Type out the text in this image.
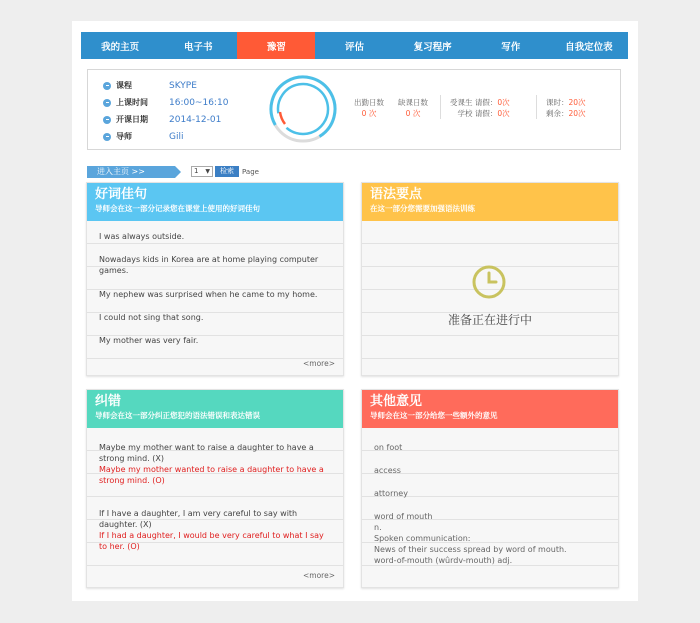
我的主页	电子书	豫習	评估	复习程序	写作	自我定位表
课程	SKYPE
上课时间	16:00~16:10
开课日期	2014-12-01
导师	Gili
出勤日数
0 次
缺课日数
0 次
受课生 请假：0次
学校 请假：0次
课时：20次
剩余：20次
进入主页 >>	1 ▼	检索	Page
好词佳句
导师会在这一部分记录您在课堂上使用的好词佳句
I was always outside.
Nowadays kids in Korea are at home playing computer games.
My nephew was surprised when he came to my home.
I could not sing that song.
My mother was very fair.
<more>
语法要点
在这一部分您需要加强语法训练
准备正在进行中
纠错
导师会在这一部分纠正您犯的语法错误和表达错误
Maybe my mother want to raise a daughter to have a strong mind. (X)
Maybe my mother wanted to raise a daughter to have a strong mind. (O)
If I have a daughter, I am very careful to say with daughter. (X)
If I had a daughter, I would be very careful to what I say to her. (O)
<more>
其他意见
导师会在这一部分给您一些额外的意见
on foot
access
attorney
word of mouth
n.
Spoken communication:
News of their success spread by word of mouth.
word-of-mouth (wûrdv-mouth) adj.
